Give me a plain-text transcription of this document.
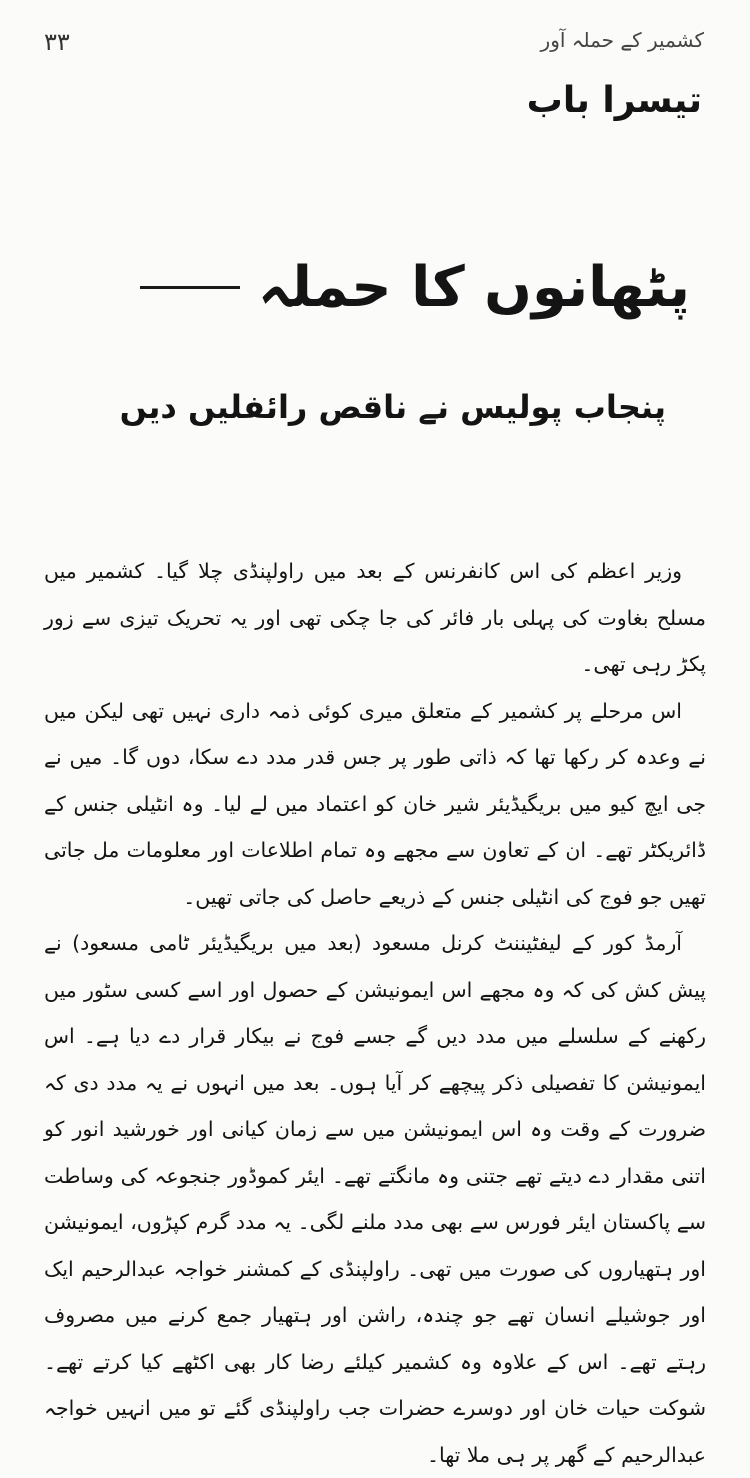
۳۳	کشمیر کے حملہ آور
تیسرا باب
پٹھانوں کا حملہ
پنجاب پولیس نے ناقص رائفلیں دیں

وزیر اعظم کی اس کانفرنس کے بعد میں راولپنڈی چلا گیا۔ کشمیر میں مسلح بغاوت کی پہلی بار فائر کی جا چکی تھی اور یہ تحریک تیزی سے زور پکڑ رہی تھی۔

اس مرحلے پر کشمیر کے متعلق میری کوئی ذمہ داری نہیں تھی لیکن میں نے وعدہ کر رکھا تھا کہ ذاتی طور پر جس قدر مدد دے سکا، دوں گا۔ میں نے جی ایچ کیو میں بریگیڈیئر شیر خان کو اعتماد میں لے لیا۔ وہ انٹیلی جنس کے ڈائریکٹر تھے۔ ان کے تعاون سے مجھے وہ تمام اطلاعات اور معلومات مل جاتی تھیں جو فوج کی انٹیلی جنس کے ذریعے حاصل کی جاتی تھیں۔

آرمڈ کور کے لیفٹیننٹ کرنل مسعود (بعد میں بریگیڈیئر ٹامی مسعود) نے پیش کش کی کہ وہ مجھے اس ایمونیشن کے حصول اور اسے کسی سٹور میں رکھنے کے سلسلے میں مدد دیں گے جسے فوج نے بیکار قرار دے دیا ہے۔ اس ایمونیشن کا تفصیلی ذکر پیچھے کر آیا ہوں۔ بعد میں انہوں نے یہ مدد دی کہ ضرورت کے وقت وہ اس ایمونیشن میں سے زمان کیانی اور خورشید انور کو اتنی مقدار دے دیتے تھے جتنی وہ مانگتے تھے۔ ایئر کموڈور جنجوعہ کی وساطت سے پاکستان ایئر فورس سے بھی مدد ملنے لگی۔ یہ مدد گرم کپڑوں، ایمونیشن اور ہتھیاروں کی صورت میں تھی۔ راولپنڈی کے کمشنر خواجہ عبدالرحیم ایک اور جوشیلے انسان تھے جو چندہ، راشن اور ہتھیار جمع کرنے میں مصروف رہتے تھے۔ اس کے علاوہ وہ کشمیر کیلئے رضا کار بھی اکٹھے کیا کرتے تھے۔ شوکت حیات خان اور دوسرے حضرات جب راولپنڈی گئے تو میں انہیں خواجہ عبدالرحیم کے گھر پر ہی ملا تھا۔
